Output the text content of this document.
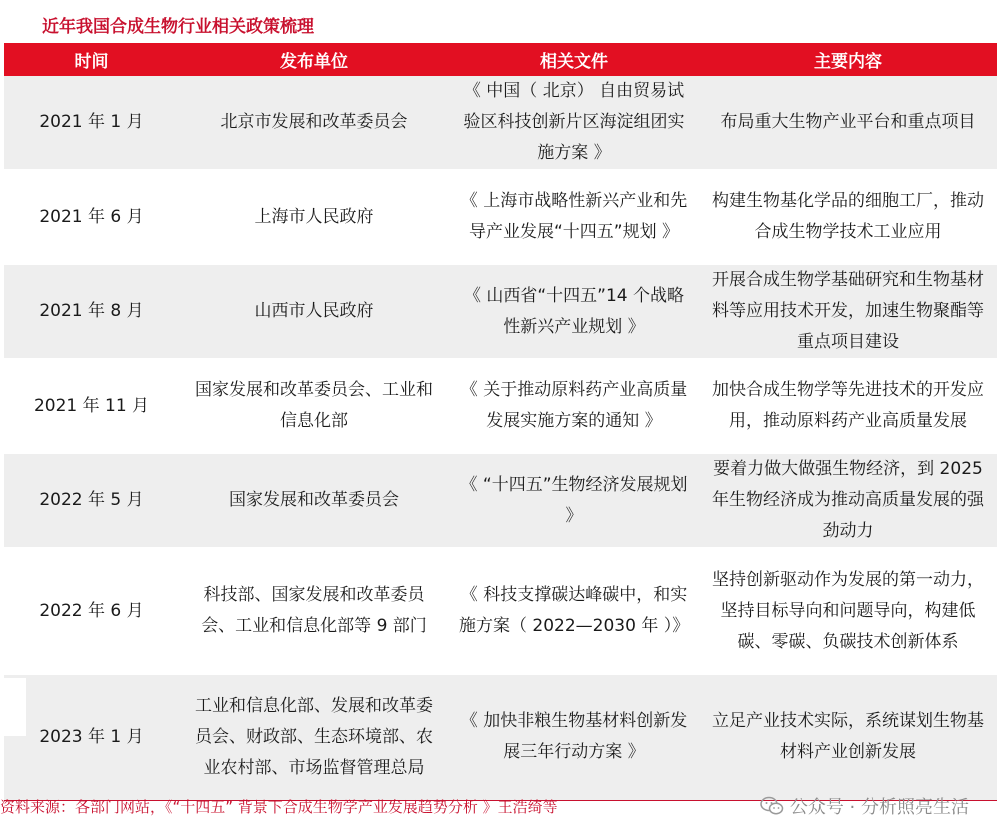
近年我国合成生物行业相关政策梳理
时间	发布单位	相关文件	主要内容
2021 年 1 月	北京市发展和改革委员会	《 中国（ 北京） 自由贸易试验区科技创新片区海淀组团实施方案 》	布局重大生物产业平台和重点项目
2021 年 6 月	上海市人民政府	《 上海市战略性新兴产业和先导产业发展“十四五”规划 》	构建生物基化学品的细胞工厂，推动合成生物学技术工业应用
2021 年 8 月	山西市人民政府	《 山西省“十四五”14 个战略性新兴产业规划 》	开展合成生物学基础研究和生物基材料等应用技术开发，加速生物聚酯等重点项目建设
2021 年 11 月	国家发展和改革委员会、工业和信息化部	《 关于推动原料药产业高质量发展实施方案的通知 》	加快合成生物学等先进技术的开发应用，推动原料药产业高质量发展
2022 年 5 月	国家发展和改革委员会	《 “十四五”生物经济发展规划 》	要着力做大做强生物经济，到 2025 年生物经济成为推动高质量发展的强劲动力
2022 年 6 月	科技部、国家发展和改革委员会、工业和信息化部等 9 部门	《 科技支撑碳达峰碳中，和实施方案（ 2022—2030 年 ）》	坚持创新驱动作为发展的第一动力，坚持目标导向和问题导向，构建低碳、零碳、负碳技术创新体系
2023 年 1 月	工业和信息化部、发展和改革委员会、财政部、生态环境部、农业农村部、市场监督管理总局	《 加快非粮生物基材料创新发展三年行动方案 》	立足产业技术实际，系统谋划生物基材料产业创新发展
资料来源：各部门网站，《“十四五” 背景下合成生物学产业发展趋势分析 》王浩绮等	公众号 · 分析照亮生活
